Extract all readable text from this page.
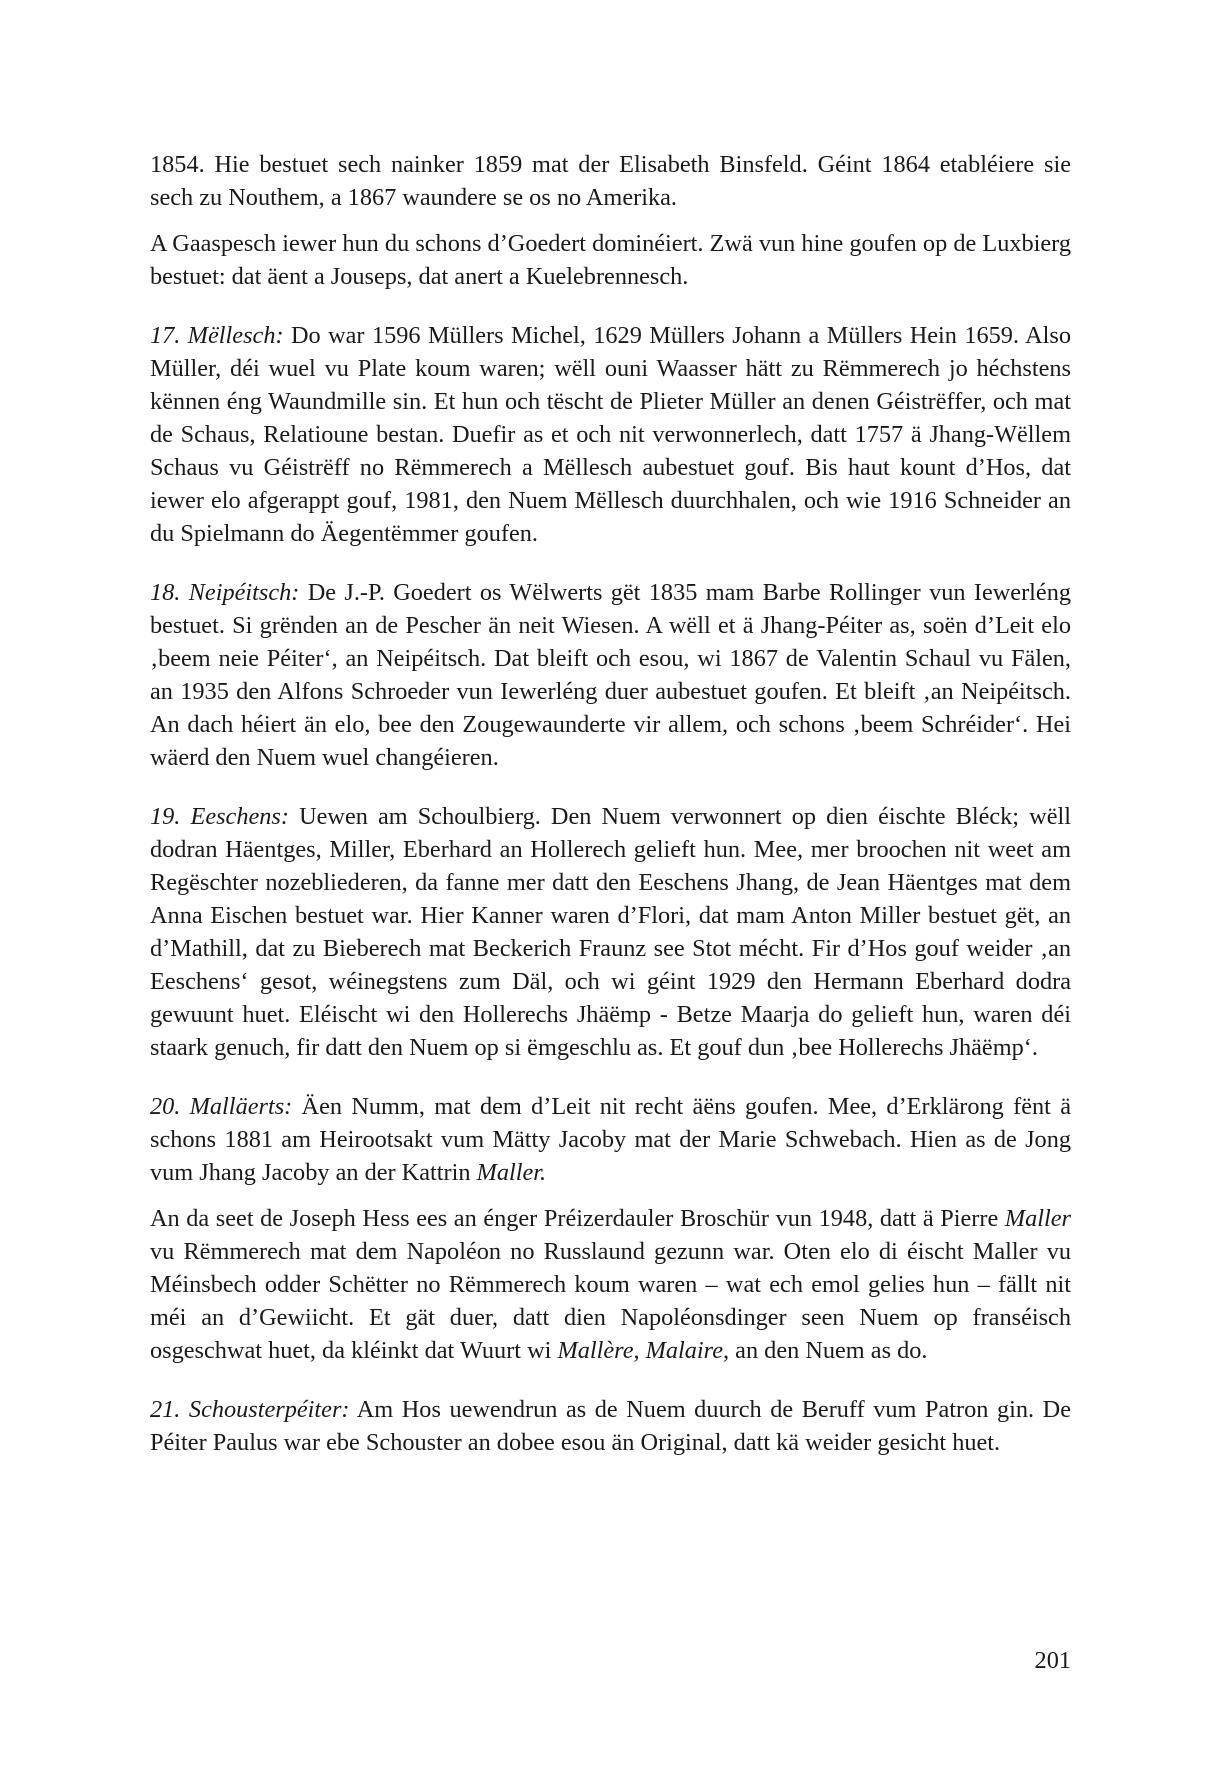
1854. Hie bestuet sech nainker 1859 mat der Elisabeth Binsfeld. Géint 1864 etabléiere sie sech zu Nouthem, a 1867 waundere se os no Amerika.

A Gaaspesch iewer hun du schons d’Goedert dominéiert. Zwä vun hine goufen op de Luxbierg bestuet: dat äent a Jouseps, dat anert a Kuelebrennesch.

17. Mëllesch: Do war 1596 Müllers Michel, 1629 Müllers Johann a Müllers Hein 1659. Also Müller, déi wuel vu Plate koum waren; wëll ouni Waasser hätt zu Rëmmerech jo héchstens kënnen éng Waundmille sin. Et hun och tëscht de Plieter Müller an denen Géistrëffer, och mat de Schaus, Relatioune bestan. Duefir as et och nit verwonnerlech, datt 1757 ä Jhang-Wëllem Schaus vu Géistrëff no Rëmmerech a Mëllesch aubestuet gouf. Bis haut kount d’Hos, dat iewer elo afgerappt gouf, 1981, den Nuem Mëllesch duurchhalen, och wie 1916 Schneider an du Spielmann do Äegentëmmer goufen.

18. Neipéitsch: De J.-P. Goedert os Wëlwerts gët 1835 mam Barbe Rollinger vun Iewerléng bestuet. Si grënden an de Pescher än neit Wiesen. A wëll et ä Jhang-Péiter as, soën d’Leit elo ‚beem neie Péiter‘, an Neipéitsch. Dat bleift och esou, wi 1867 de Valentin Schaul vu Fälen, an 1935 den Alfons Schroeder vun Iewerléng duer aubestuet goufen. Et bleift ‚an Neipéitsch. An dach héiert än elo, bee den Zougewaunderte vir allem, och schons ‚beem Schréider‘. Hei wäerd den Nuem wuel changéieren.

19. Eeschens: Uewen am Schoulbierg. Den Nuem verwonnert op dien éischte Bléck; wëll dodran Häentges, Miller, Eberhard an Hollerech gelieft hun. Mee, mer broochen nit weet am Regëschter nozebliederen, da fanne mer datt den Eeschens Jhang, de Jean Häentges mat dem Anna Eischen bestuet war. Hier Kanner waren d’Flori, dat mam Anton Miller bestuet gët, an d’Mathill, dat zu Bieberech mat Beckerich Fraunz see Stot mécht. Fir d’Hos gouf weider ‚an Eeschens‘ gesot, wéinegstens zum Däl, och wi géint 1929 den Hermann Eberhard dodra gewuunt huet. Eléischt wi den Hollerechs Jhäëmp - Betze Maarja do gelieft hun, waren déi staark genuch, fir datt den Nuem op si ëmgeschlu as. Et gouf dun ‚bee Hollerechs Jhäëmp‘.

20. Malläerts: Äen Numm, mat dem d’Leit nit recht äëns goufen. Mee, d’Erklärong fënt ä schons 1881 am Heirootsakt vum Mätty Jacoby mat der Marie Schwebach. Hien as de Jong vum Jhang Jacoby an der Kattrin Maller.

An da seet de Joseph Hess ees an énger Préizerdauler Broschür vun 1948, datt ä Pierre Maller vu Rëmmerech mat dem Napoléon no Russlaund gezunn war. Oten elo di éischt Maller vu Méinsbech odder Schëtter no Rëmmerech koum waren – wat ech emol gelies hun – fällt nit méi an d’Gewiicht. Et gät duer, datt dien Napoléonsdinger seen Nuem op franséisch osgeschwat huet, da kléinkt dat Wuurt wi Mallère, Malaire, an den Nuem as do.

21. Schousterpéiter: Am Hos uewendrun as de Nuem duurch de Beruff vum Patron gin. De Péiter Paulus war ebe Schouster an dobee esou än Original, datt kä weider gesicht huet.

201
